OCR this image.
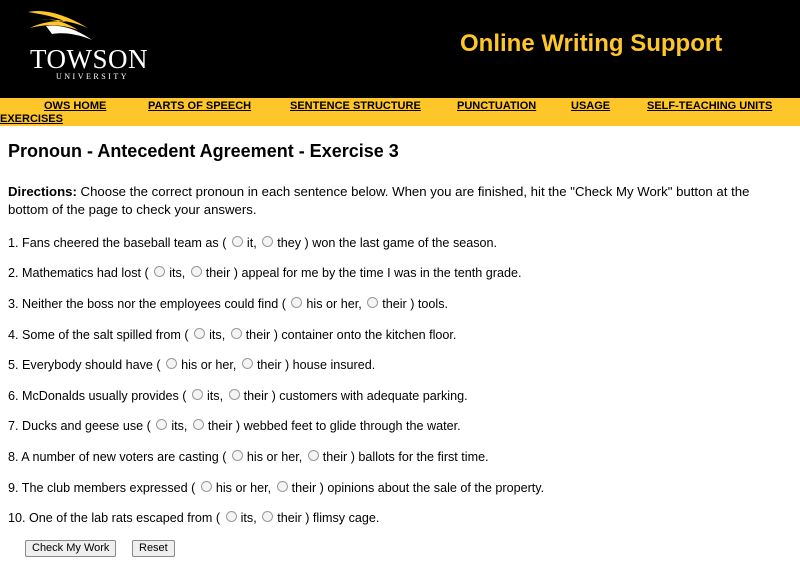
TOWSON
UNIVERSITY
Online Writing Support
OWS HOME	PARTS OF SPEECH	SENTENCE STRUCTURE	PUNCTUATION	USAGE	SELF-TEACHING UNITS
EXERCISES
Pronoun - Antecedent Agreement - Exercise 3
Directions: Choose the correct pronoun in each sentence below. When you are finished, hit the "Check My Work" button at the bottom of the page to check your answers.
1. Fans cheered the baseball team as ( it, they ) won the last game of the season.
2. Mathematics had lost ( its, their ) appeal for me by the time I was in the tenth grade.
3. Neither the boss nor the employees could find ( his or her, their ) tools.
4. Some of the salt spilled from ( its, their ) container onto the kitchen floor.
5. Everybody should have ( his or her, their ) house insured.
6. McDonalds usually provides ( its, their ) customers with adequate parking.
7. Ducks and geese use ( its, their ) webbed feet to glide through the water.
8. A number of new voters are casting ( his or her, their ) ballots for the first time.
9. The club members expressed ( his or her, their ) opinions about the sale of the property.
10. One of the lab rats escaped from ( its, their ) flimsy cage.
Check My Work	Reset
